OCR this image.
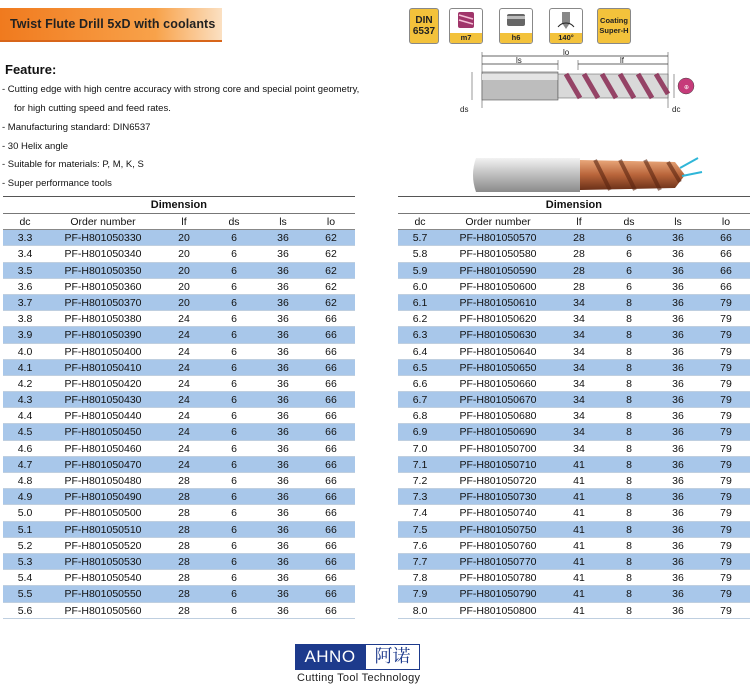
Twist Flute Drill 5xD with coolants	DIN
6537
m7	h6	140°
Coating
Super-H
Feature:
- Cutting edge with high centre accuracy with strong core and special point geometry,
for high cutting speed and feed rates.
- Manufacturing standard: DIN6537
- 30 Helix angle
- Suitable for materials: P, M, K, S
- Super performance tools
⊕
lo
ls	lf
ds	dc
Dimension
dc	Order number	lf	ds	ls	lo
3.3	PF-H801050330	20	6	36	62
3.4	PF-H801050340	20	6	36	62
3.5	PF-H801050350	20	6	36	62
3.6	PF-H801050360	20	6	36	62
3.7	PF-H801050370	20	6	36	62
3.8	PF-H801050380	24	6	36	66
3.9	PF-H801050390	24	6	36	66
4.0	PF-H801050400	24	6	36	66
4.1	PF-H801050410	24	6	36	66
4.2	PF-H801050420	24	6	36	66
4.3	PF-H801050430	24	6	36	66
4.4	PF-H801050440	24	6	36	66
4.5	PF-H801050450	24	6	36	66
4.6	PF-H801050460	24	6	36	66
4.7	PF-H801050470	24	6	36	66
4.8	PF-H801050480	28	6	36	66
4.9	PF-H801050490	28	6	36	66
5.0	PF-H801050500	28	6	36	66
5.1	PF-H801050510	28	6	36	66
5.2	PF-H801050520	28	6	36	66
5.3	PF-H801050530	28	6	36	66
5.4	PF-H801050540	28	6	36	66
5.5	PF-H801050550	28	6	36	66
5.6	PF-H801050560	28	6	36	66
Dimension
dc	Order number	lf	ds	ls	lo
5.7	PF-H801050570	28	6	36	66
5.8	PF-H801050580	28	6	36	66
5.9	PF-H801050590	28	6	36	66
6.0	PF-H801050600	28	6	36	66
6.1	PF-H801050610	34	8	36	79
6.2	PF-H801050620	34	8	36	79
6.3	PF-H801050630	34	8	36	79
6.4	PF-H801050640	34	8	36	79
6.5	PF-H801050650	34	8	36	79
6.6	PF-H801050660	34	8	36	79
6.7	PF-H801050670	34	8	36	79
6.8	PF-H801050680	34	8	36	79
6.9	PF-H801050690	34	8	36	79
7.0	PF-H801050700	34	8	36	79
7.1	PF-H801050710	41	8	36	79
7.2	PF-H801050720	41	8	36	79
7.3	PF-H801050730	41	8	36	79
7.4	PF-H801050740	41	8	36	79
7.5	PF-H801050750	41	8	36	79
7.6	PF-H801050760	41	8	36	79
7.7	PF-H801050770	41	8	36	79
7.8	PF-H801050780	41	8	36	79
7.9	PF-H801050790	41	8	36	79
8.0	PF-H801050800	41	8	36	79
AHNO	阿诺
Cutting Tool Technology
